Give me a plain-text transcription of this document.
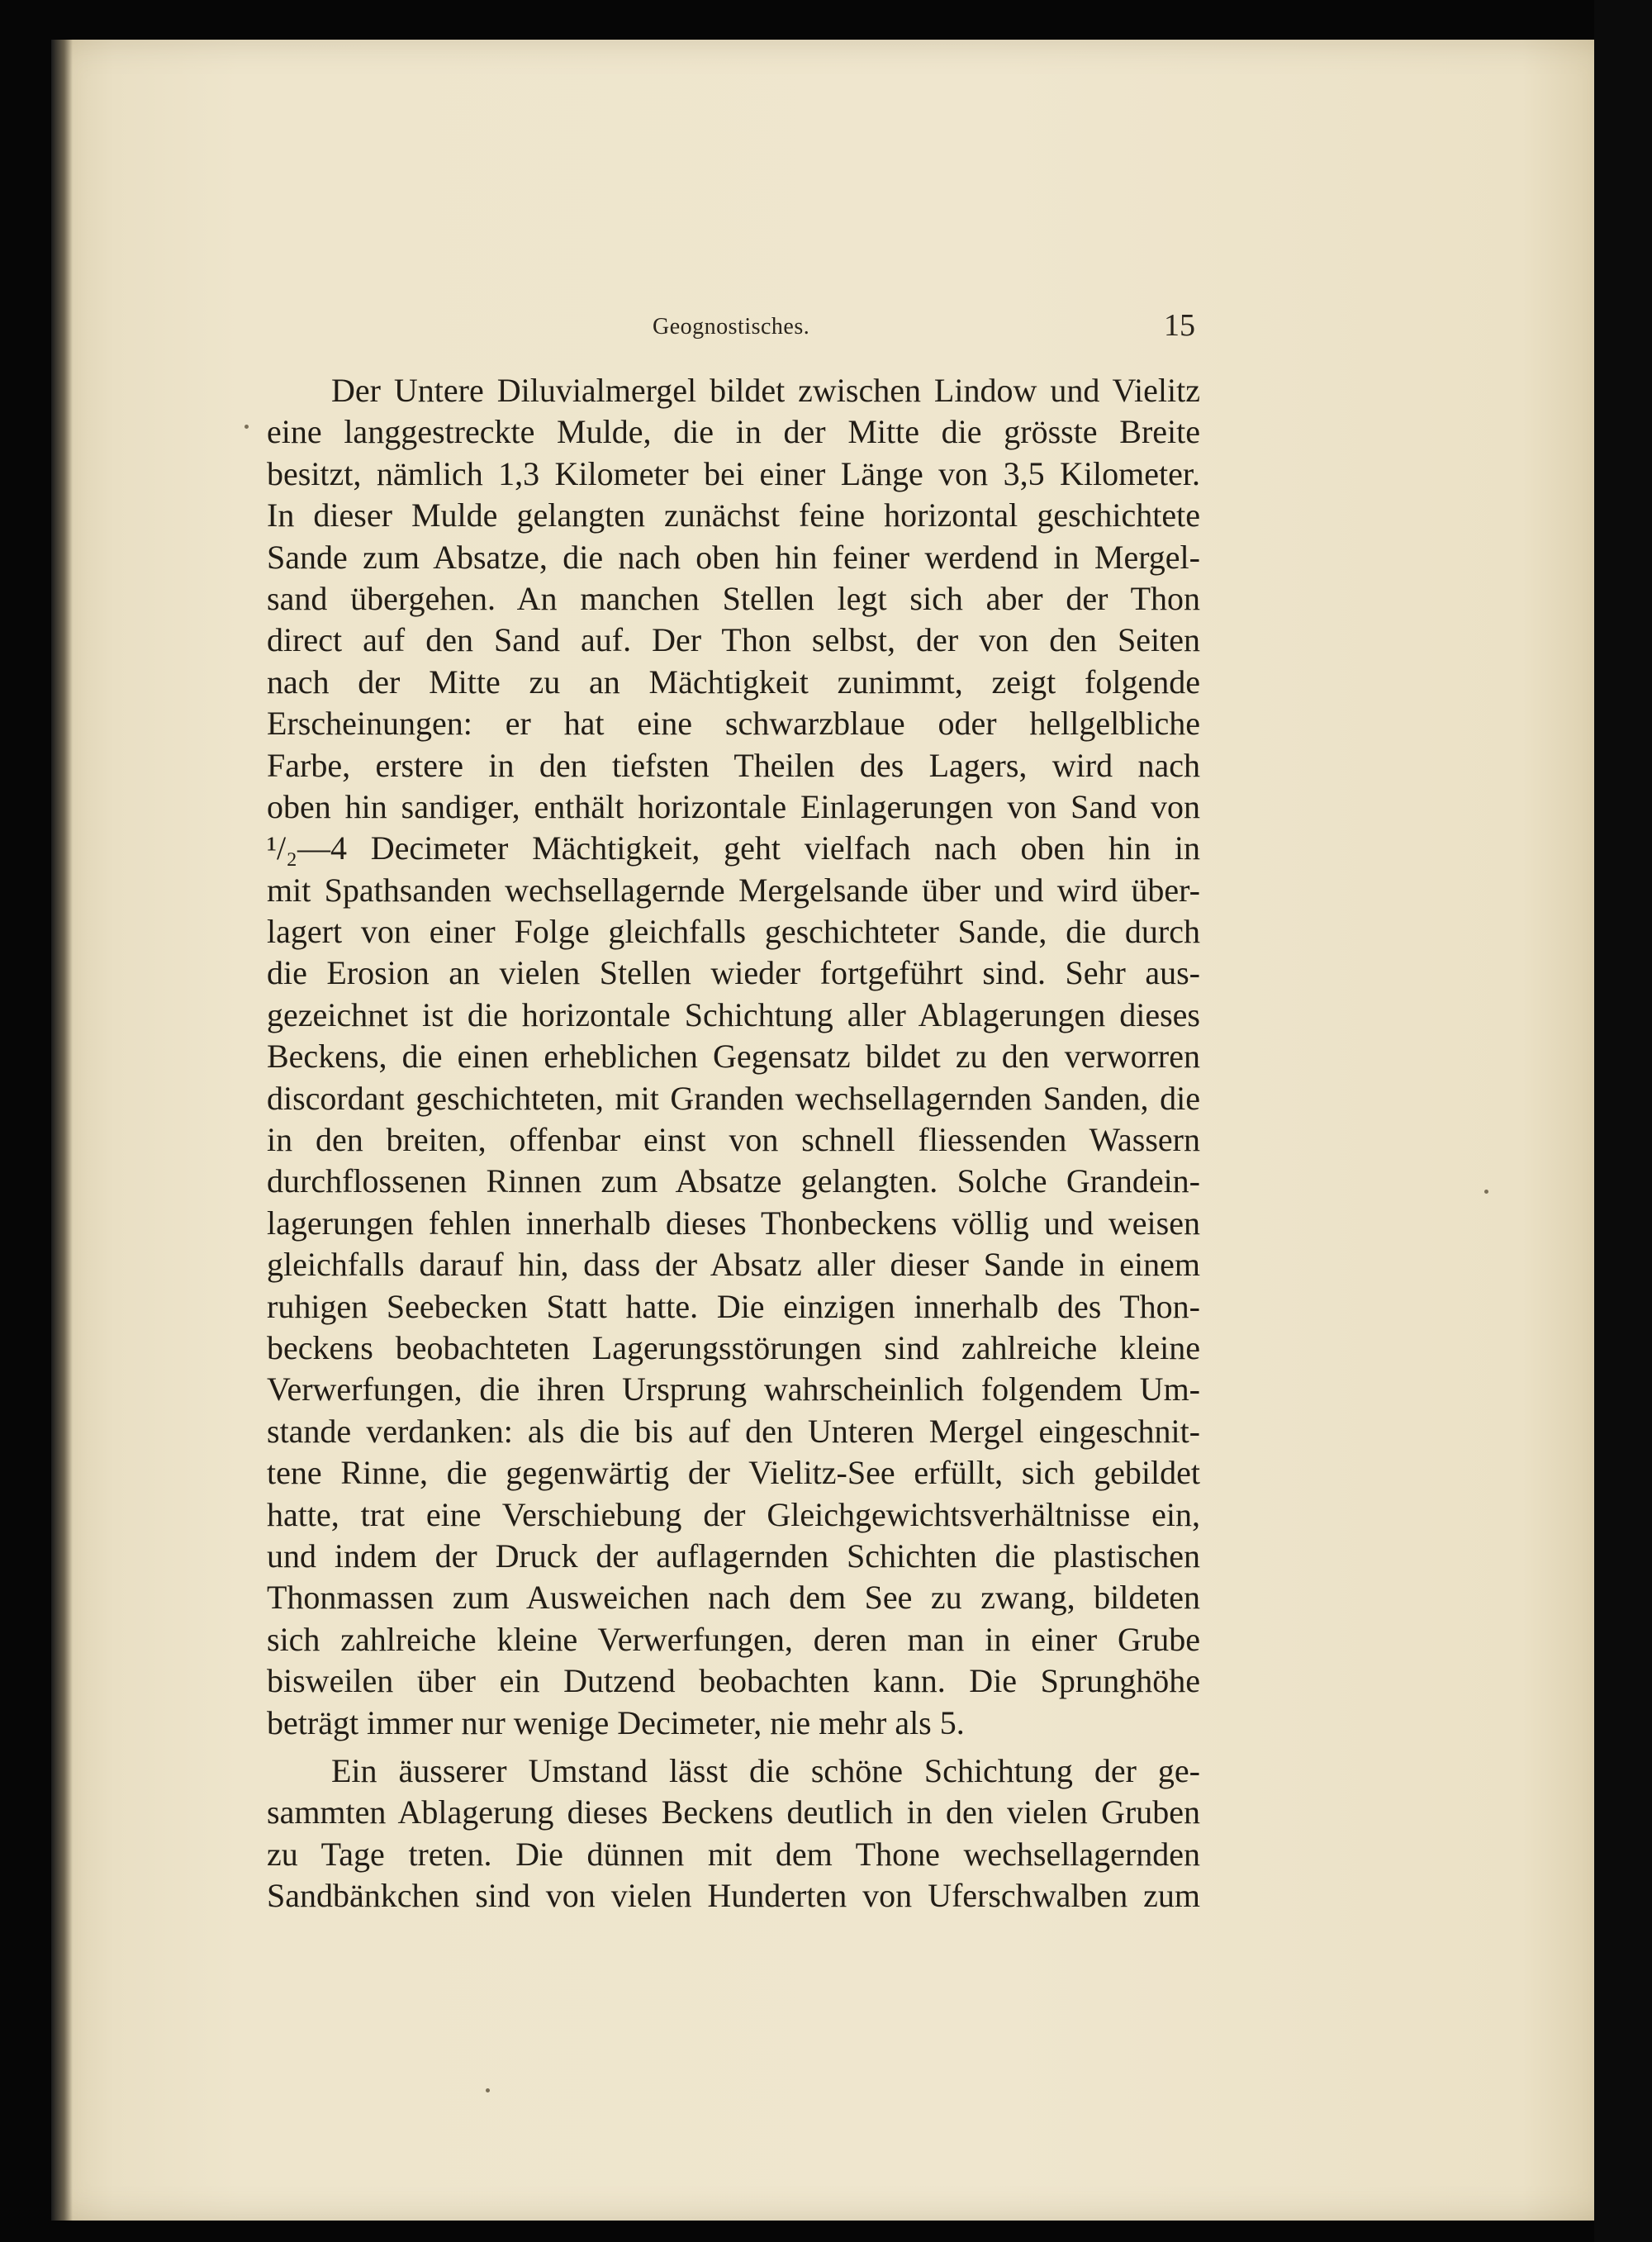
Geognostisches.	15
Der Untere Diluvialmergel bildet zwischen Lindow und Vielitz
eine langgestreckte Mulde, die in der Mitte die grösste Breite
besitzt, nämlich 1,3 Kilometer bei einer Länge von 3,5 Kilometer.
In dieser Mulde gelangten zunächst feine horizontal geschichtete
Sande zum Absatze, die nach oben hin feiner werdend in Mergel-
sand übergehen. An manchen Stellen legt sich aber der Thon
direct auf den Sand auf. Der Thon selbst, der von den Seiten
nach der Mitte zu an Mächtigkeit zunimmt, zeigt folgende
Erscheinungen: er hat eine schwarzblaue oder hellgelbliche
Farbe, erstere in den tiefsten Theilen des Lagers, wird nach
oben hin sandiger, enthält horizontale Einlagerungen von Sand von
¹/₂—4 Decimeter Mächtigkeit, geht vielfach nach oben hin in
mit Spathsanden wechsellagernde Mergelsande über und wird über-
lagert von einer Folge gleichfalls geschichteter Sande, die durch
die Erosion an vielen Stellen wieder fortgeführt sind. Sehr aus-
gezeichnet ist die horizontale Schichtung aller Ablagerungen dieses
Beckens, die einen erheblichen Gegensatz bildet zu den verworren
discordant geschichteten, mit Granden wechsellagernden Sanden, die
in den breiten, offenbar einst von schnell fliessenden Wassern
durchflossenen Rinnen zum Absatze gelangten. Solche Grandein-
lagerungen fehlen innerhalb dieses Thonbeckens völlig und weisen
gleichfalls darauf hin, dass der Absatz aller dieser Sande in einem
ruhigen Seebecken Statt hatte. Die einzigen innerhalb des Thon-
beckens beobachteten Lagerungsstörungen sind zahlreiche kleine
Verwerfungen, die ihren Ursprung wahrscheinlich folgendem Um-
stande verdanken: als die bis auf den Unteren Mergel eingeschnit-
tene Rinne, die gegenwärtig der Vielitz-See erfüllt, sich gebildet
hatte, trat eine Verschiebung der Gleichgewichtsverhältnisse ein,
und indem der Druck der auflagernden Schichten die plastischen
Thonmassen zum Ausweichen nach dem See zu zwang, bildeten
sich zahlreiche kleine Verwerfungen, deren man in einer Grube
bisweilen über ein Dutzend beobachten kann. Die Sprunghöhe
beträgt immer nur wenige Decimeter, nie mehr als 5.
Ein äusserer Umstand lässt die schöne Schichtung der ge-
sammten Ablagerung dieses Beckens deutlich in den vielen Gruben
zu Tage treten. Die dünnen mit dem Thone wechsellagernden
Sandbänkchen sind von vielen Hunderten von Uferschwalben zum
